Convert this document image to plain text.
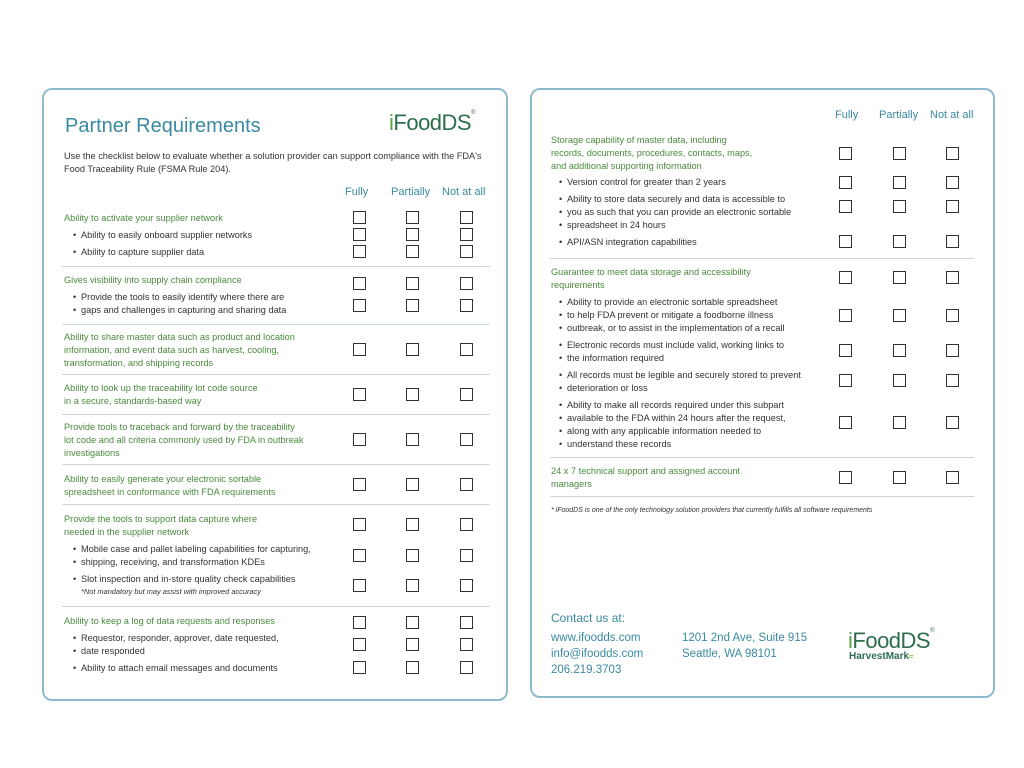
Partner Requirements	iFoodDS®
Use the checklist below to evaluate whether a solution provider can support compliance with the FDA's Food Traceability Rule (FSMA Rule 204).
Fully Partially Not at all
Ability to activate your supplier network
• Ability to easily onboard supplier networks
• Ability to capture supplier data
Gives visibility into supply chain compliance
• Provide the tools to easily identify where there are
• gaps and challenges in capturing and sharing data
Ability to share master data such as product and location
information, and event data such as harvest, cooling,
transformation, and shipping records
Ability to look up the traceability lot code source
in a secure, standards-based way
Provide tools to traceback and forward by the traceability
lot code and all criteria commonly used by FDA in outbreak
investigations
Ability to easily generate your electronic sortable
spreadsheet in conformance with FDA requirements
Provide the tools to support data capture where
needed in the supplier network
• Mobile case and pallet labeling capabilities for capturing,
• shipping, receiving, and transformation KDEs
• Slot inspection and in-store quality check capabilities
*Not mandatory but may assist with improved accuracy
Ability to keep a log of data requests and responses
• Requestor, responder, approver, date requested,
• date responded
• Ability to attach email messages and documents
Fully Partially Not at all
Storage capability of master data, including
records, documents, procedures, contacts, maps,
and additional supporting information
• Version control for greater than 2 years
• Ability to store data securely and data is accessible to
• you as such that you can provide an electronic sortable
• spreadsheet in 24 hours
• API/ASN integration capabilities
Guarantee to meet data storage and accessibility
requirements
• Ability to provide an electronic sortable spreadsheet
• to help FDA prevent or mitigate a foodborne illness
• outbreak, or to assist in the implementation of a recall
• Electronic records must include valid, working links to
• the information required
• All records must be legible and securely stored to prevent
• deterioration or loss
• Ability to make all records required under this subpart
• available to the FDA within 24 hours after the request,
• along with any applicable information needed to
• understand these records
24 x 7 technical support and assigned account
managers
* iFoodDS is one of the only technology solution providers that currently fulfills all software requirements
Contact us at:
www.ifoodds.com
info@ifoodds.com
206.219.3703
1201 2nd Ave, Suite 915
Seattle, WA 98101
iFoodDS®
HarvestMark≈
